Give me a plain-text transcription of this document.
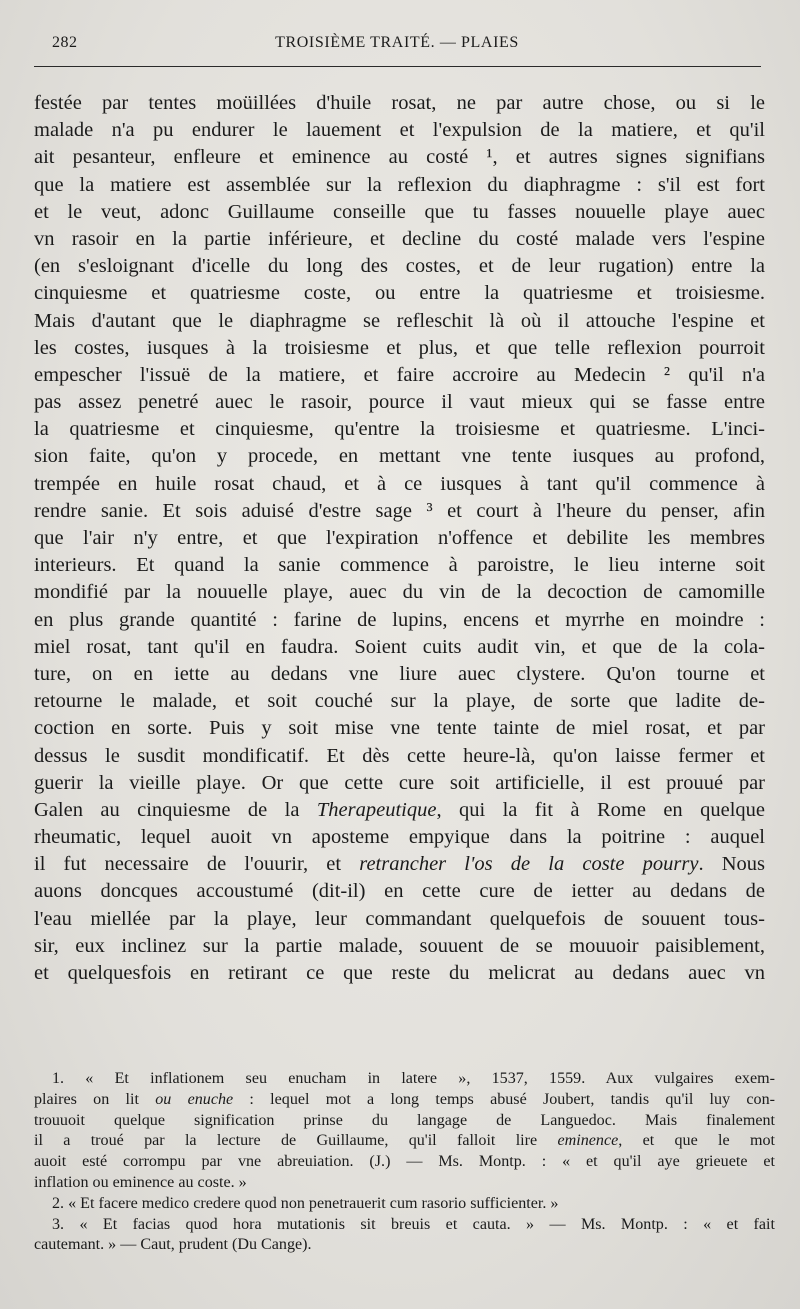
282	TROISIÈME TRAITÉ. — PLAIES
festée par tentes moüillées d'huile rosat, ne par autre chose, ou si le
malade n'a pu endurer le lauement et l'expulsion de la matiere, et qu'il
ait pesanteur, enfleure et eminence au costé ¹, et autres signes signifians
que la matiere est assemblée sur la reflexion du diaphragme : s'il est fort
et le veut, adonc Guillaume conseille que tu fasses nouuelle playe auec
vn rasoir en la partie inférieure, et decline du costé malade vers l'espine
(en s'esloignant d'icelle du long des costes, et de leur rugation) entre la
cinquiesme et quatriesme coste, ou entre la quatriesme et troisiesme.
Mais d'autant que le diaphragme se refleschit là où il attouche l'espine et
les costes, iusques à la troisiesme et plus, et que telle reflexion pourroit
empescher l'issuë de la matiere, et faire accroire au Medecin ² qu'il n'a
pas assez penetré auec le rasoir, pource il vaut mieux qui se fasse entre
la quatriesme et cinquiesme, qu'entre la troisiesme et quatriesme. L'inci-
sion faite, qu'on y procede, en mettant vne tente iusques au profond,
trempée en huile rosat chaud, et à ce iusques à tant qu'il commence à
rendre sanie. Et sois aduisé d'estre sage ³ et court à l'heure du penser, afin
que l'air n'y entre, et que l'expiration n'offence et debilite les membres
interieurs. Et quand la sanie commence à paroistre, le lieu interne soit
mondifié par la nouuelle playe, auec du vin de la decoction de camomille
en plus grande quantité : farine de lupins, encens et myrrhe en moindre :
miel rosat, tant qu'il en faudra. Soient cuits audit vin, et que de la cola-
ture, on en iette au dedans vne liure auec clystere. Qu'on tourne et
retourne le malade, et soit couché sur la playe, de sorte que ladite de-
coction en sorte. Puis y soit mise vne tente tainte de miel rosat, et par
dessus le susdit mondificatif. Et dès cette heure-là, qu'on laisse fermer et
guerir la vieille playe. Or que cette cure soit artificielle, il est prouué par
Galen au cinquiesme de la Therapeutique, qui la fit à Rome en quelque
rheumatic, lequel auoit vn aposteme empyique dans la poitrine : auquel
il fut necessaire de l'ouurir, et retrancher l'os de la coste pourry. Nous
auons doncques accoustumé (dit-il) en cette cure de ietter au dedans de
l'eau miellée par la playe, leur commandant quelquefois de souuent tous-
sir, eux inclinez sur la partie malade, souuent de se mouuoir paisiblement,
et quelquesfois en retirant ce que reste du melicrat au dedans auec vn
1. « Et inflationem seu enucham in latere », 1537, 1559. Aux vulgaires exem-
plaires on lit ou enuche : lequel mot a long temps abusé Joubert, tandis qu'il luy con-
trouuoit quelque signification prinse du langage de Languedoc. Mais finalement
il a troué par la lecture de Guillaume, qu'il falloit lire eminence, et que le mot
auoit esté corrompu par vne abreuiation. (J.) — Ms. Montp. : « et qu'il aye grieuete et
inflation ou eminence au coste. »
2. « Et facere medico credere quod non penetrauerit cum rasorio sufficienter. »
3. « Et facias quod hora mutationis sit breuis et cauta. » — Ms. Montp. : « et fait
cautemant. » — Caut, prudent (Du Cange).
